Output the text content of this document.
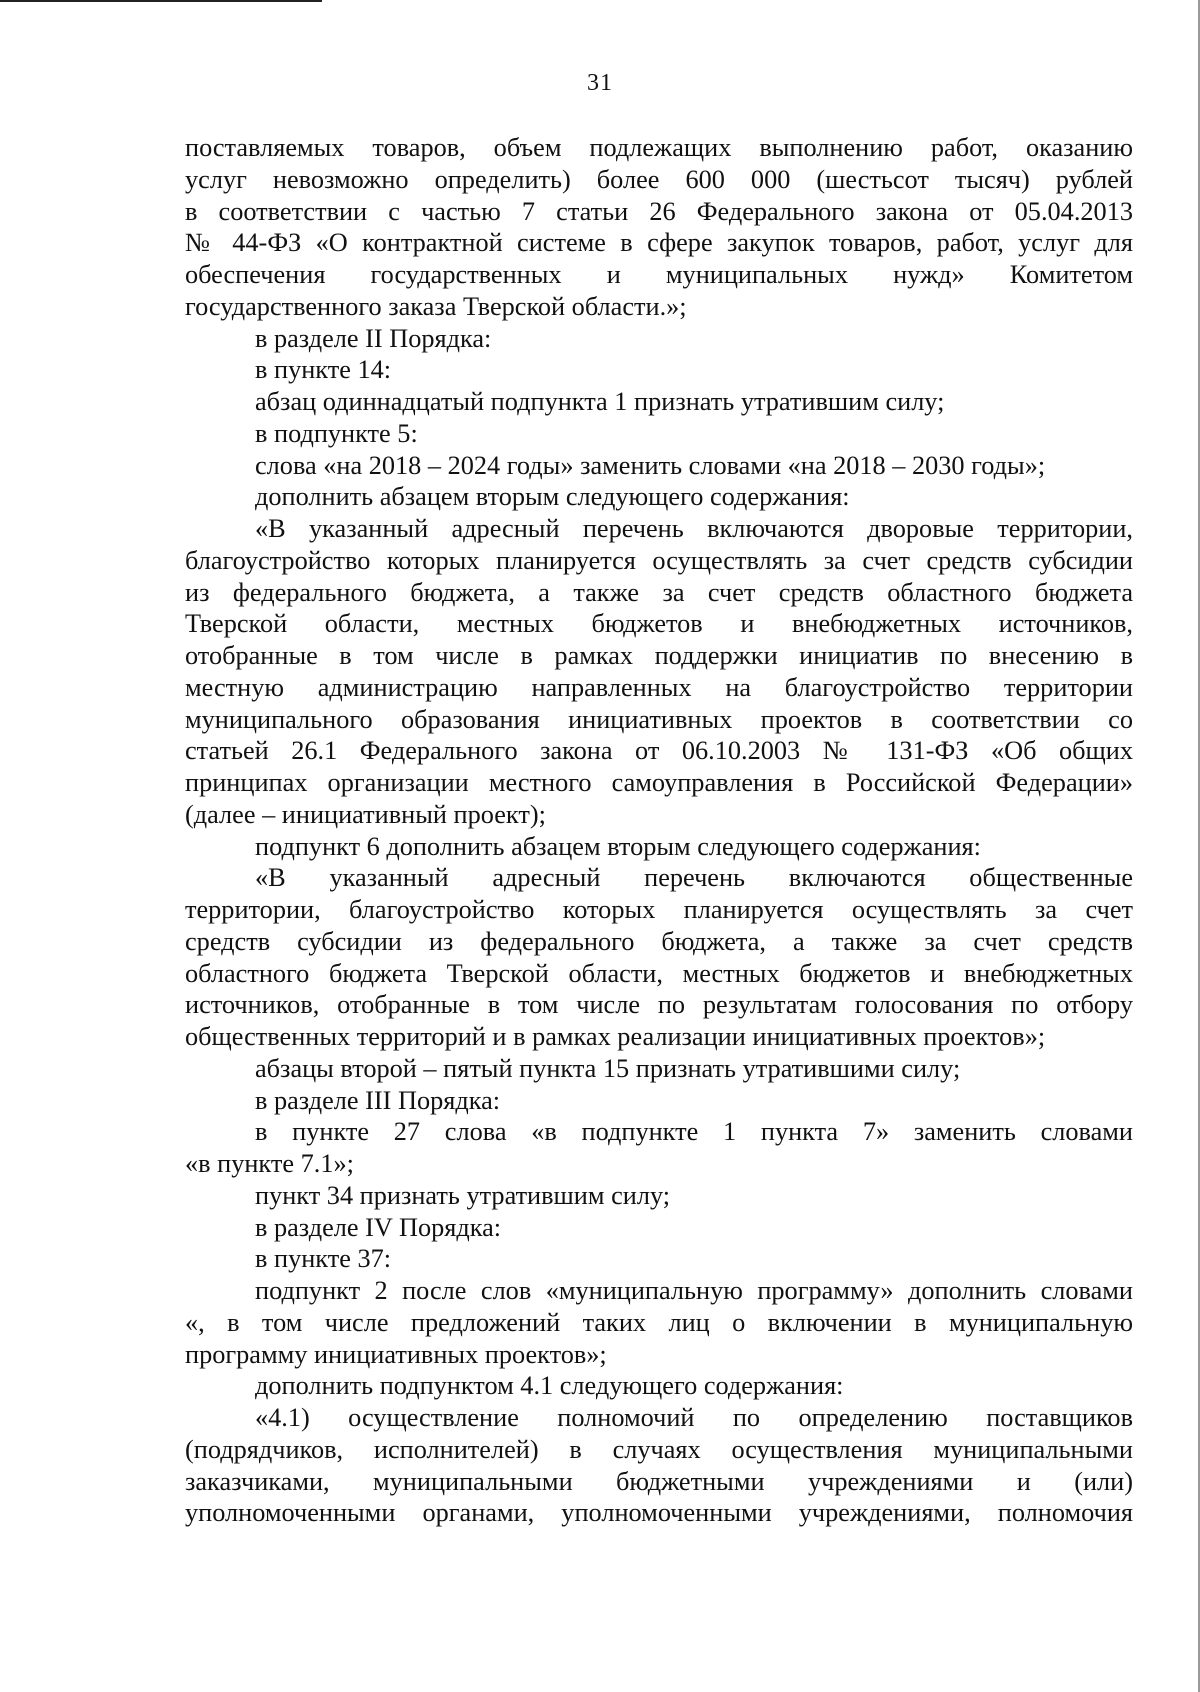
31

поставляемых товаров, объем подлежащих выполнению работ, оказанию

услуг невозможно определить) более 600 000 (шестьсот тысяч) рублей

в соответствии с частью 7 статьи 26 Федерального закона от 05.04.2013

№ 44-ФЗ «О контрактной системе в сфере закупок товаров, работ, услуг для

обеспечения государственных и муниципальных нужд» Комитетом

государственного заказа Тверской области.»;

в разделе II Порядка:

в пункте 14:

абзац одиннадцатый подпункта 1 признать утратившим силу;

в подпункте 5:

слова «на 2018 – 2024 годы» заменить словами «на 2018 – 2030 годы»;

дополнить абзацем вторым следующего содержания:

«В указанный адресный перечень включаются дворовые территории,

благоустройство которых планируется осуществлять за счет средств субсидии

из федерального бюджета, а также за счет средств областного бюджета

Тверской области, местных бюджетов и внебюджетных источников,

отобранные в том числе в рамках поддержки инициатив по внесению в

местную администрацию направленных на благоустройство территории

муниципального образования инициативных проектов в соответствии со

статьей 26.1 Федерального закона от 06.10.2003 № 131-ФЗ «Об общих

принципах организации местного самоуправления в Российской Федерации»

(далее – инициативный проект);

подпункт 6 дополнить абзацем вторым следующего содержания:

«В указанный адресный перечень включаются общественные

территории, благоустройство которых планируется осуществлять за счет

средств субсидии из федерального бюджета, а также за счет средств

областного бюджета Тверской области, местных бюджетов и внебюджетных

источников, отобранные в том числе по результатам голосования по отбору

общественных территорий и в рамках реализации инициативных проектов»;

абзацы второй – пятый пункта 15 признать утратившими силу;

в разделе III Порядка:

в пункте 27 слова «в подпункте 1 пункта 7» заменить словами

«в пункте 7.1»;

пункт 34 признать утратившим силу;

в разделе IV Порядка:

в пункте 37:

подпункт 2 после слов «муниципальную программу» дополнить словами

«, в том числе предложений таких лиц о включении в муниципальную

программу инициативных проектов»;

дополнить подпунктом 4.1 следующего содержания:

«4.1) осуществление полномочий по определению поставщиков

(подрядчиков, исполнителей) в случаях осуществления муниципальными

заказчиками, муниципальными бюджетными учреждениями и (или)

уполномоченными органами, уполномоченными учреждениями, полномочия
